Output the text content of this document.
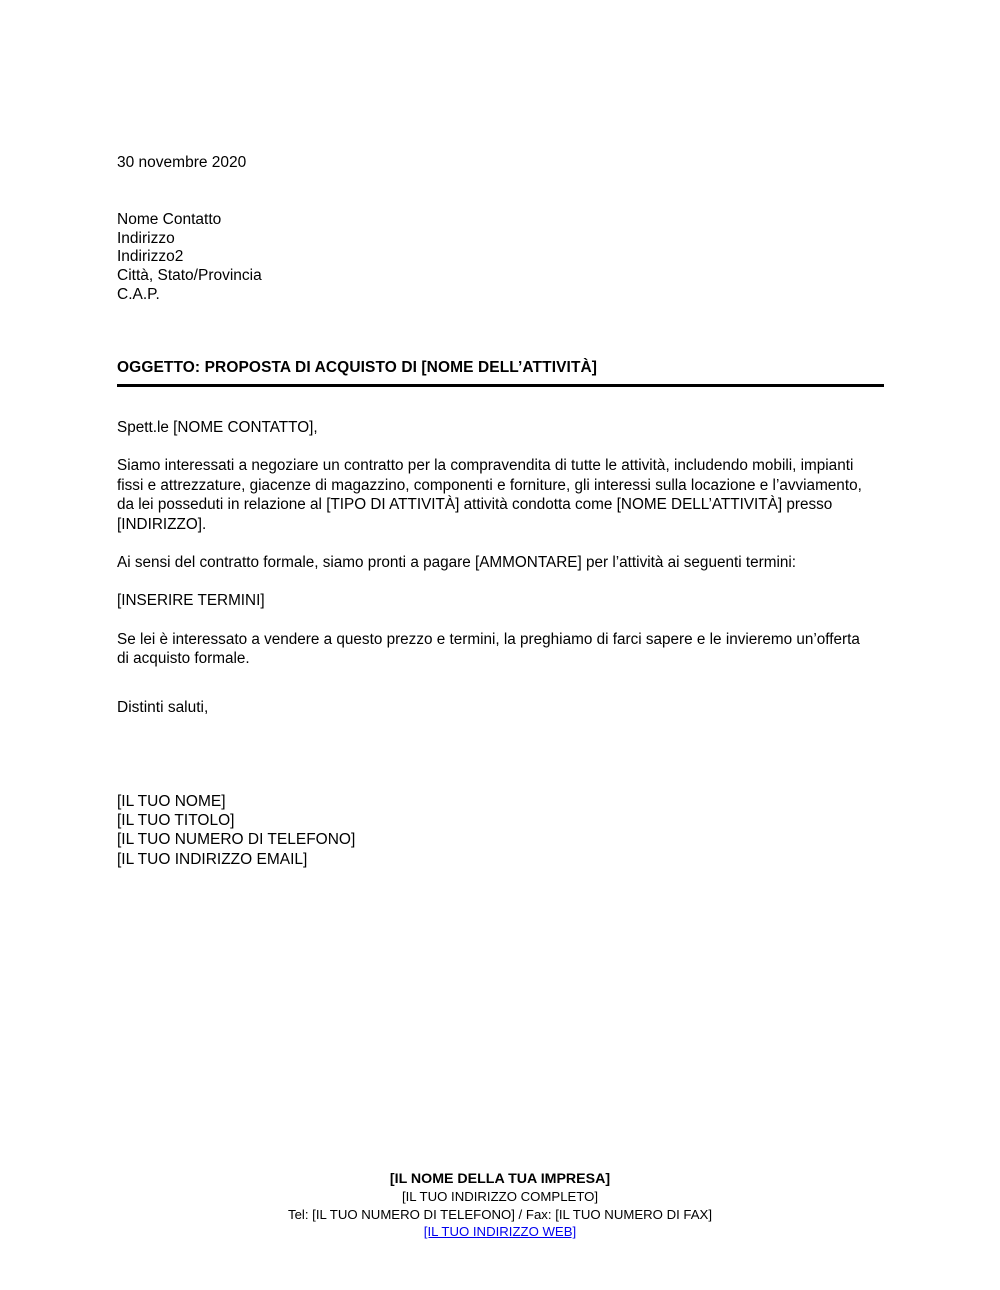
30 novembre 2020
Nome Contatto
Indirizzo
Indirizzo2
Città, Stato/Provincia
C.A.P.
OGGETTO: PROPOSTA DI ACQUISTO DI [NOME DELL’ATTIVITÀ]

Spett.le [NOME CONTATTO],

Siamo interessati a negoziare un contratto per la compravendita di tutte le attività, includendo mobili, impianti fissi e attrezzature, giacenze di magazzino, componenti e forniture, gli interessi sulla locazione e l’avviamento, da lei posseduti in relazione al [TIPO DI ATTIVITÀ] attività condotta come [NOME DELL’ATTIVITÀ] presso [INDIRIZZO].

Ai sensi del contratto formale, siamo pronti a pagare [AMMONTARE] per l’attività ai seguenti termini:

[INSERIRE TERMINI]

Se lei è interessato a vendere a questo prezzo e termini, la preghiamo di farci sapere e le invieremo un’offerta di acquisto formale.

Distinti saluti,
[IL TUO NOME]
[IL TUO TITOLO]
[IL TUO NUMERO DI TELEFONO]
[IL TUO INDIRIZZO EMAIL]
[IL NOME DELLA TUA IMPRESA]
[IL TUO INDIRIZZO COMPLETO]
Tel: [IL TUO NUMERO DI TELEFONO] / Fax: [IL TUO NUMERO DI FAX]
[IL TUO INDIRIZZO WEB]
